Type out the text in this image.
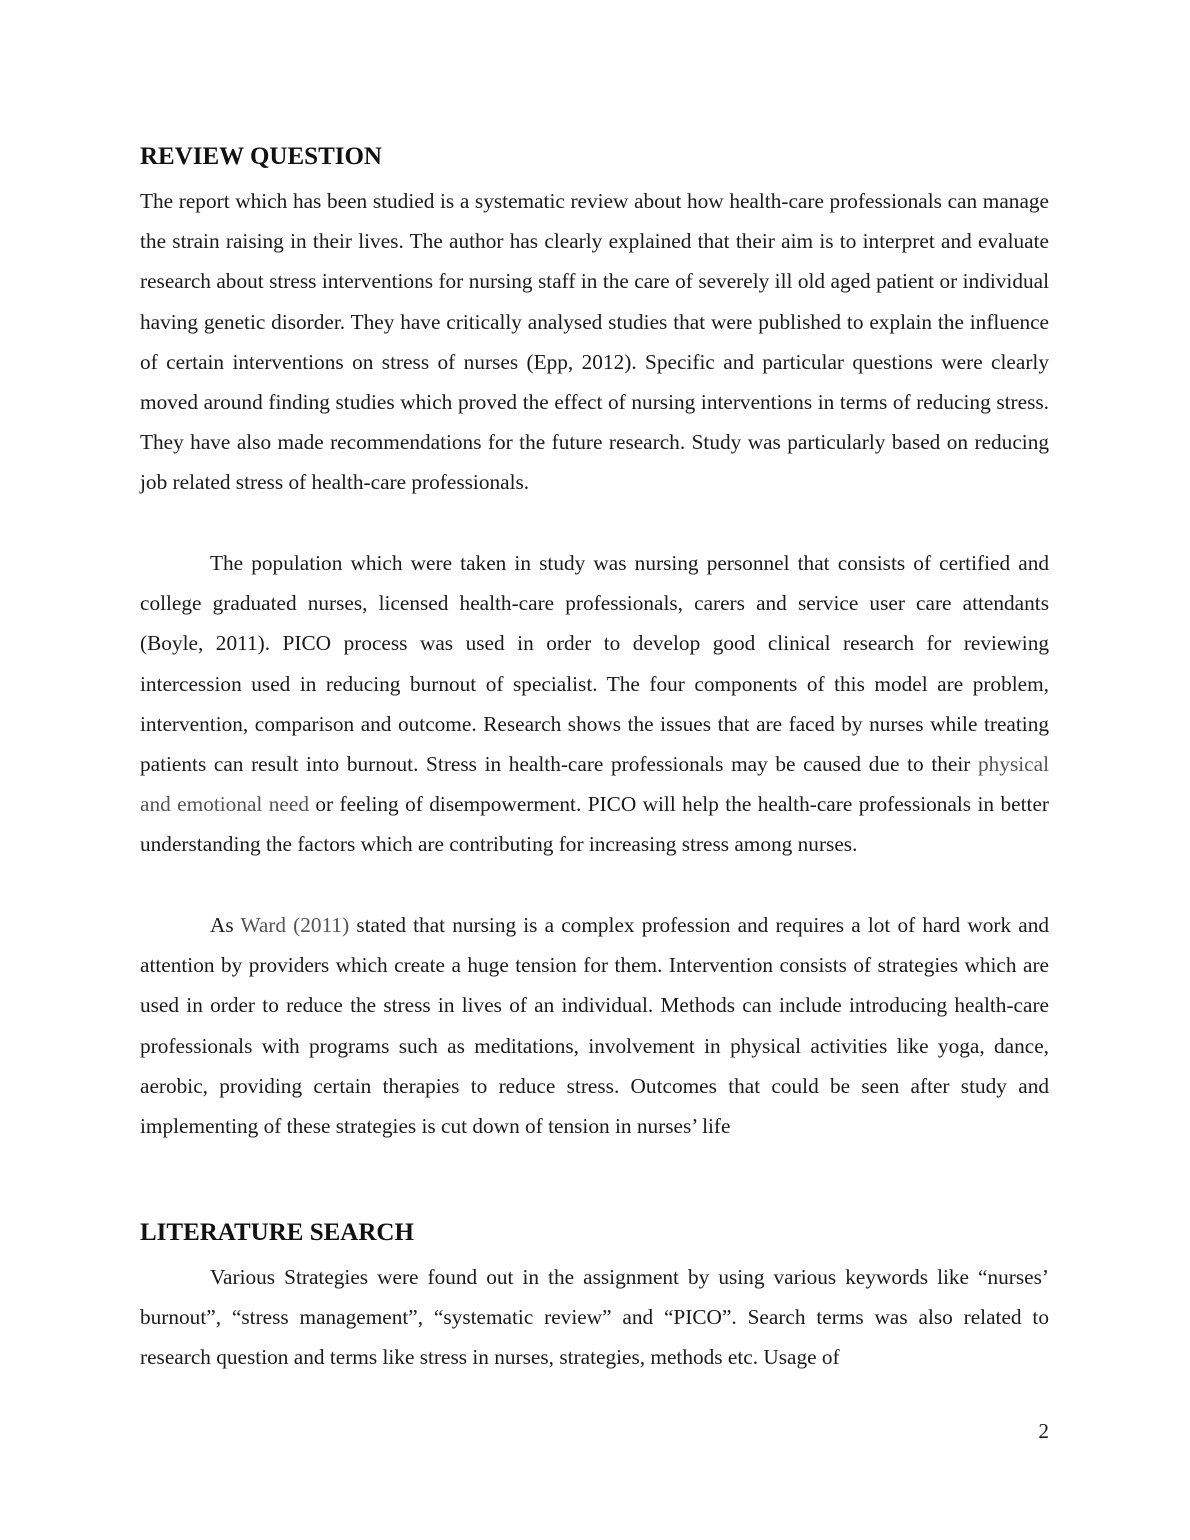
REVIEW QUESTION

The report which has been studied is a systematic review about how health-care professionals can manage the strain raising in their lives. The author has clearly explained that their aim is to interpret and evaluate research about stress interventions for nursing staff in the care of severely ill old aged patient or individual having genetic disorder. They have critically analysed studies that were published to explain the influence of certain interventions on stress of nurses (Epp, 2012). Specific and particular questions were clearly moved around finding studies which proved the effect of nursing interventions in terms of reducing stress. They have also made recommendations for the future research. Study was particularly based on reducing job related stress of health-care professionals.

The population which were taken in study was nursing personnel that consists of certified and college graduated nurses, licensed health-care professionals, carers and service user care attendants (Boyle, 2011). PICO process was used in order to develop good clinical research for reviewing intercession used in reducing burnout of specialist. The four components of this model are problem, intervention, comparison and outcome. Research shows the issues that are faced by nurses while treating patients can result into burnout. Stress in health-care professionals may be caused due to their physical and emotional need or feeling of disempowerment. PICO will help the health-care professionals in better understanding the factors which are contributing for increasing stress among nurses.

As Ward (2011) stated that nursing is a complex profession and requires a lot of hard work and attention by providers which create a huge tension for them. Intervention consists of strategies which are used in order to reduce the stress in lives of an individual. Methods can include introducing health-care professionals with programs such as meditations, involvement in physical activities like yoga, dance, aerobic, providing certain therapies to reduce stress. Outcomes that could be seen after study and implementing of these strategies is cut down of tension in nurses’ life

LITERATURE SEARCH

Various Strategies were found out in the assignment by using various keywords like “nurses’ burnout”, “stress management”, “systematic review” and “PICO”. Search terms was also related to research question and terms like stress in nurses, strategies, methods etc. Usage of

2
